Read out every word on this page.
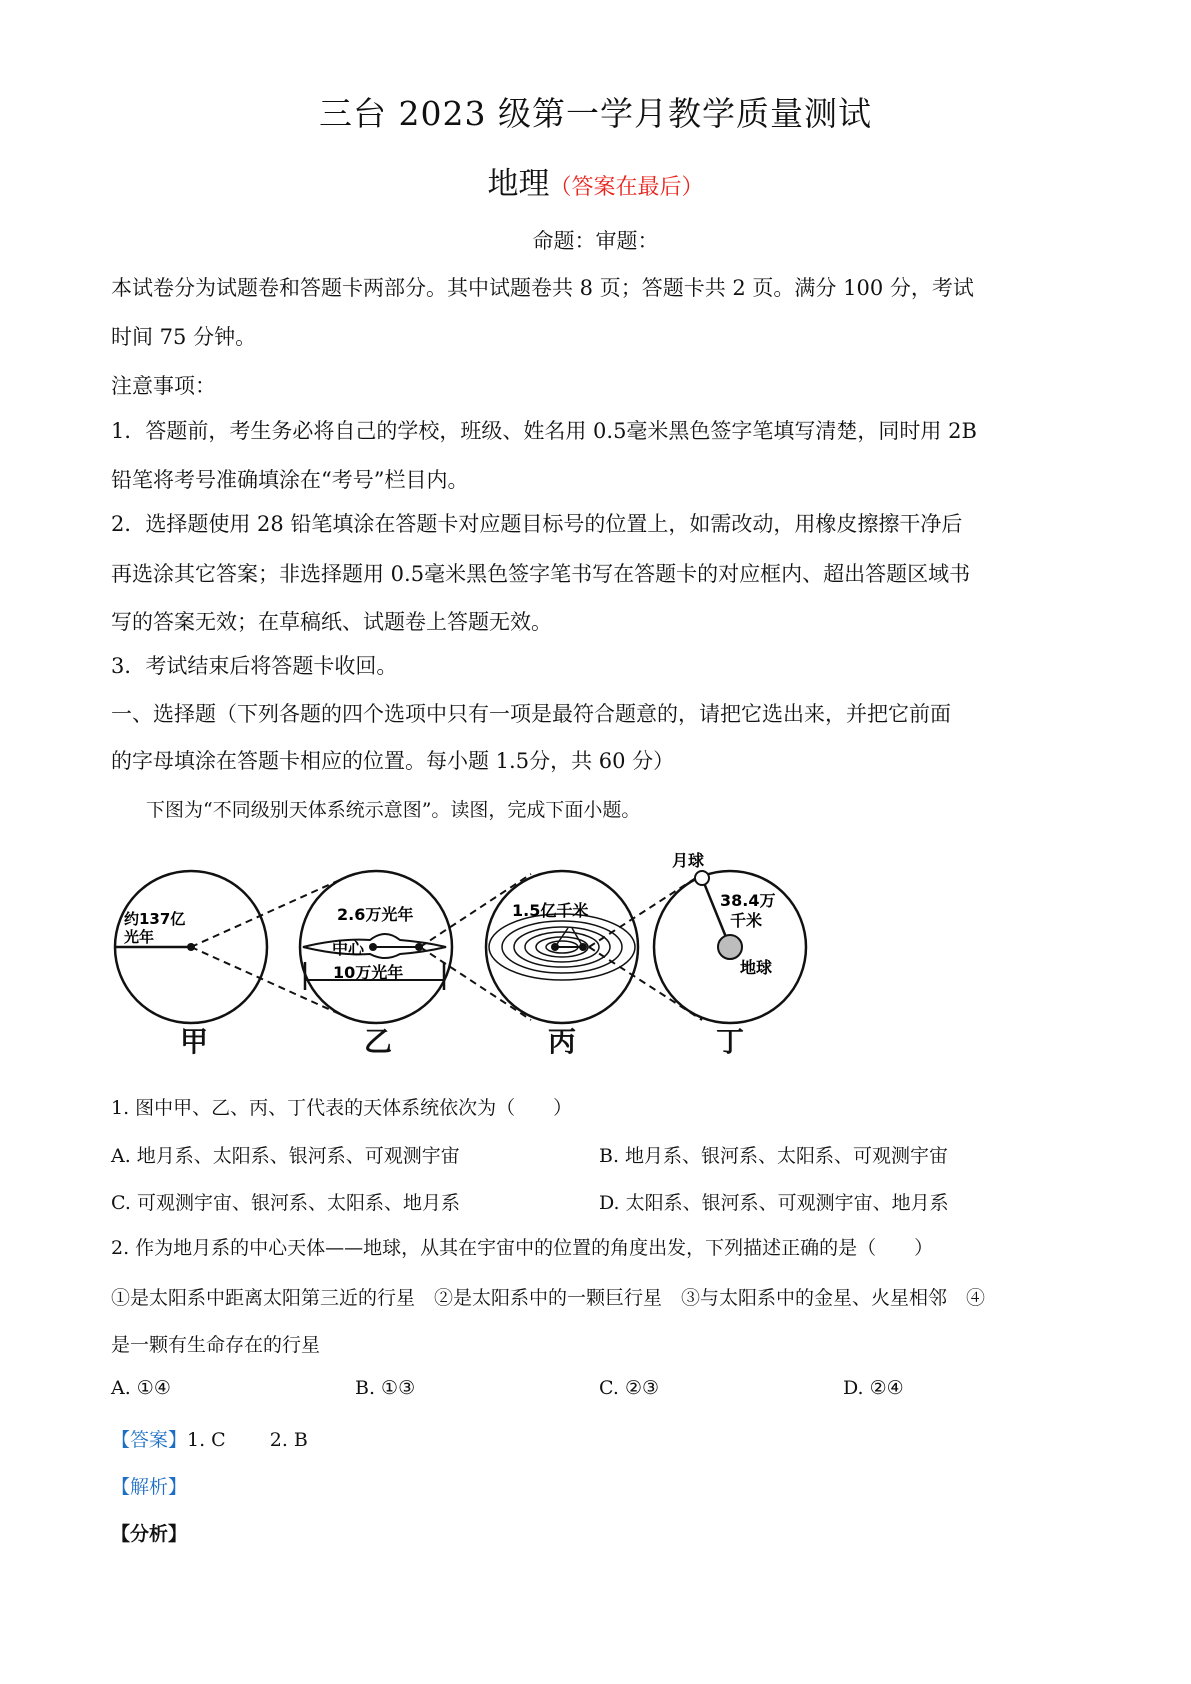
三台 2023 级第一学月教学质量测试
地理（答案在最后）
命题：审题：
本试卷分为试题卷和答题卡两部分。其中试题卷共 8 页；答题卡共 2 页。满分 100 分，考试
时间 75 分钟。
注意事项：
1．答题前，考生务必将自己的学校，班级、姓名用 0.5毫米黑色签字笔填写清楚，同时用 2B
铅笔将考号准确填涂在“考号”栏目内。
2．选择题使用 28 铅笔填涂在答题卡对应题目标号的位置上，如需改动，用橡皮擦擦干净后
再选涂其它答案；非选择题用 0.5毫米黑色签字笔书写在答题卡的对应框内、超出答题区域书
写的答案无效；在草稿纸、试题卷上答题无效。
3．考试结束后将答题卡收回。
一、选择题（下列各题的四个选项中只有一项是最符合题意的，请把它选出来，并把它前面
的字母填涂在答题卡相应的位置。每小题 1.5分，共 60 分）
下图为“不同级别天体系统示意图”。读图，完成下面小题。
约137亿
光年
2.6万光年
中心
10万光年
1.5亿千米
月球
38.4万
千米
地球
甲	乙	丙	丁
1. 图中甲、乙、丙、丁代表的天体系统依次为（　　）
A. 地月系、太阳系、银河系、可观测宇宙	B. 地月系、银河系、太阳系、可观测宇宙
C. 可观测宇宙、银河系、太阳系、地月系	D. 太阳系、银河系、可观测宇宙、地月系
2. 作为地月系的中心天体——地球，从其在宇宙中的位置的角度出发，下列描述正确的是（　　）
①是太阳系中距离太阳第三近的行星　②是太阳系中的一颗巨行星　③与太阳系中的金星、火星相邻　④
是一颗有生命存在的行星
A. ①④	B. ①③	C. ②③	D. ②④
【答案】1. C　　 2. B
【解析】
【分析】
